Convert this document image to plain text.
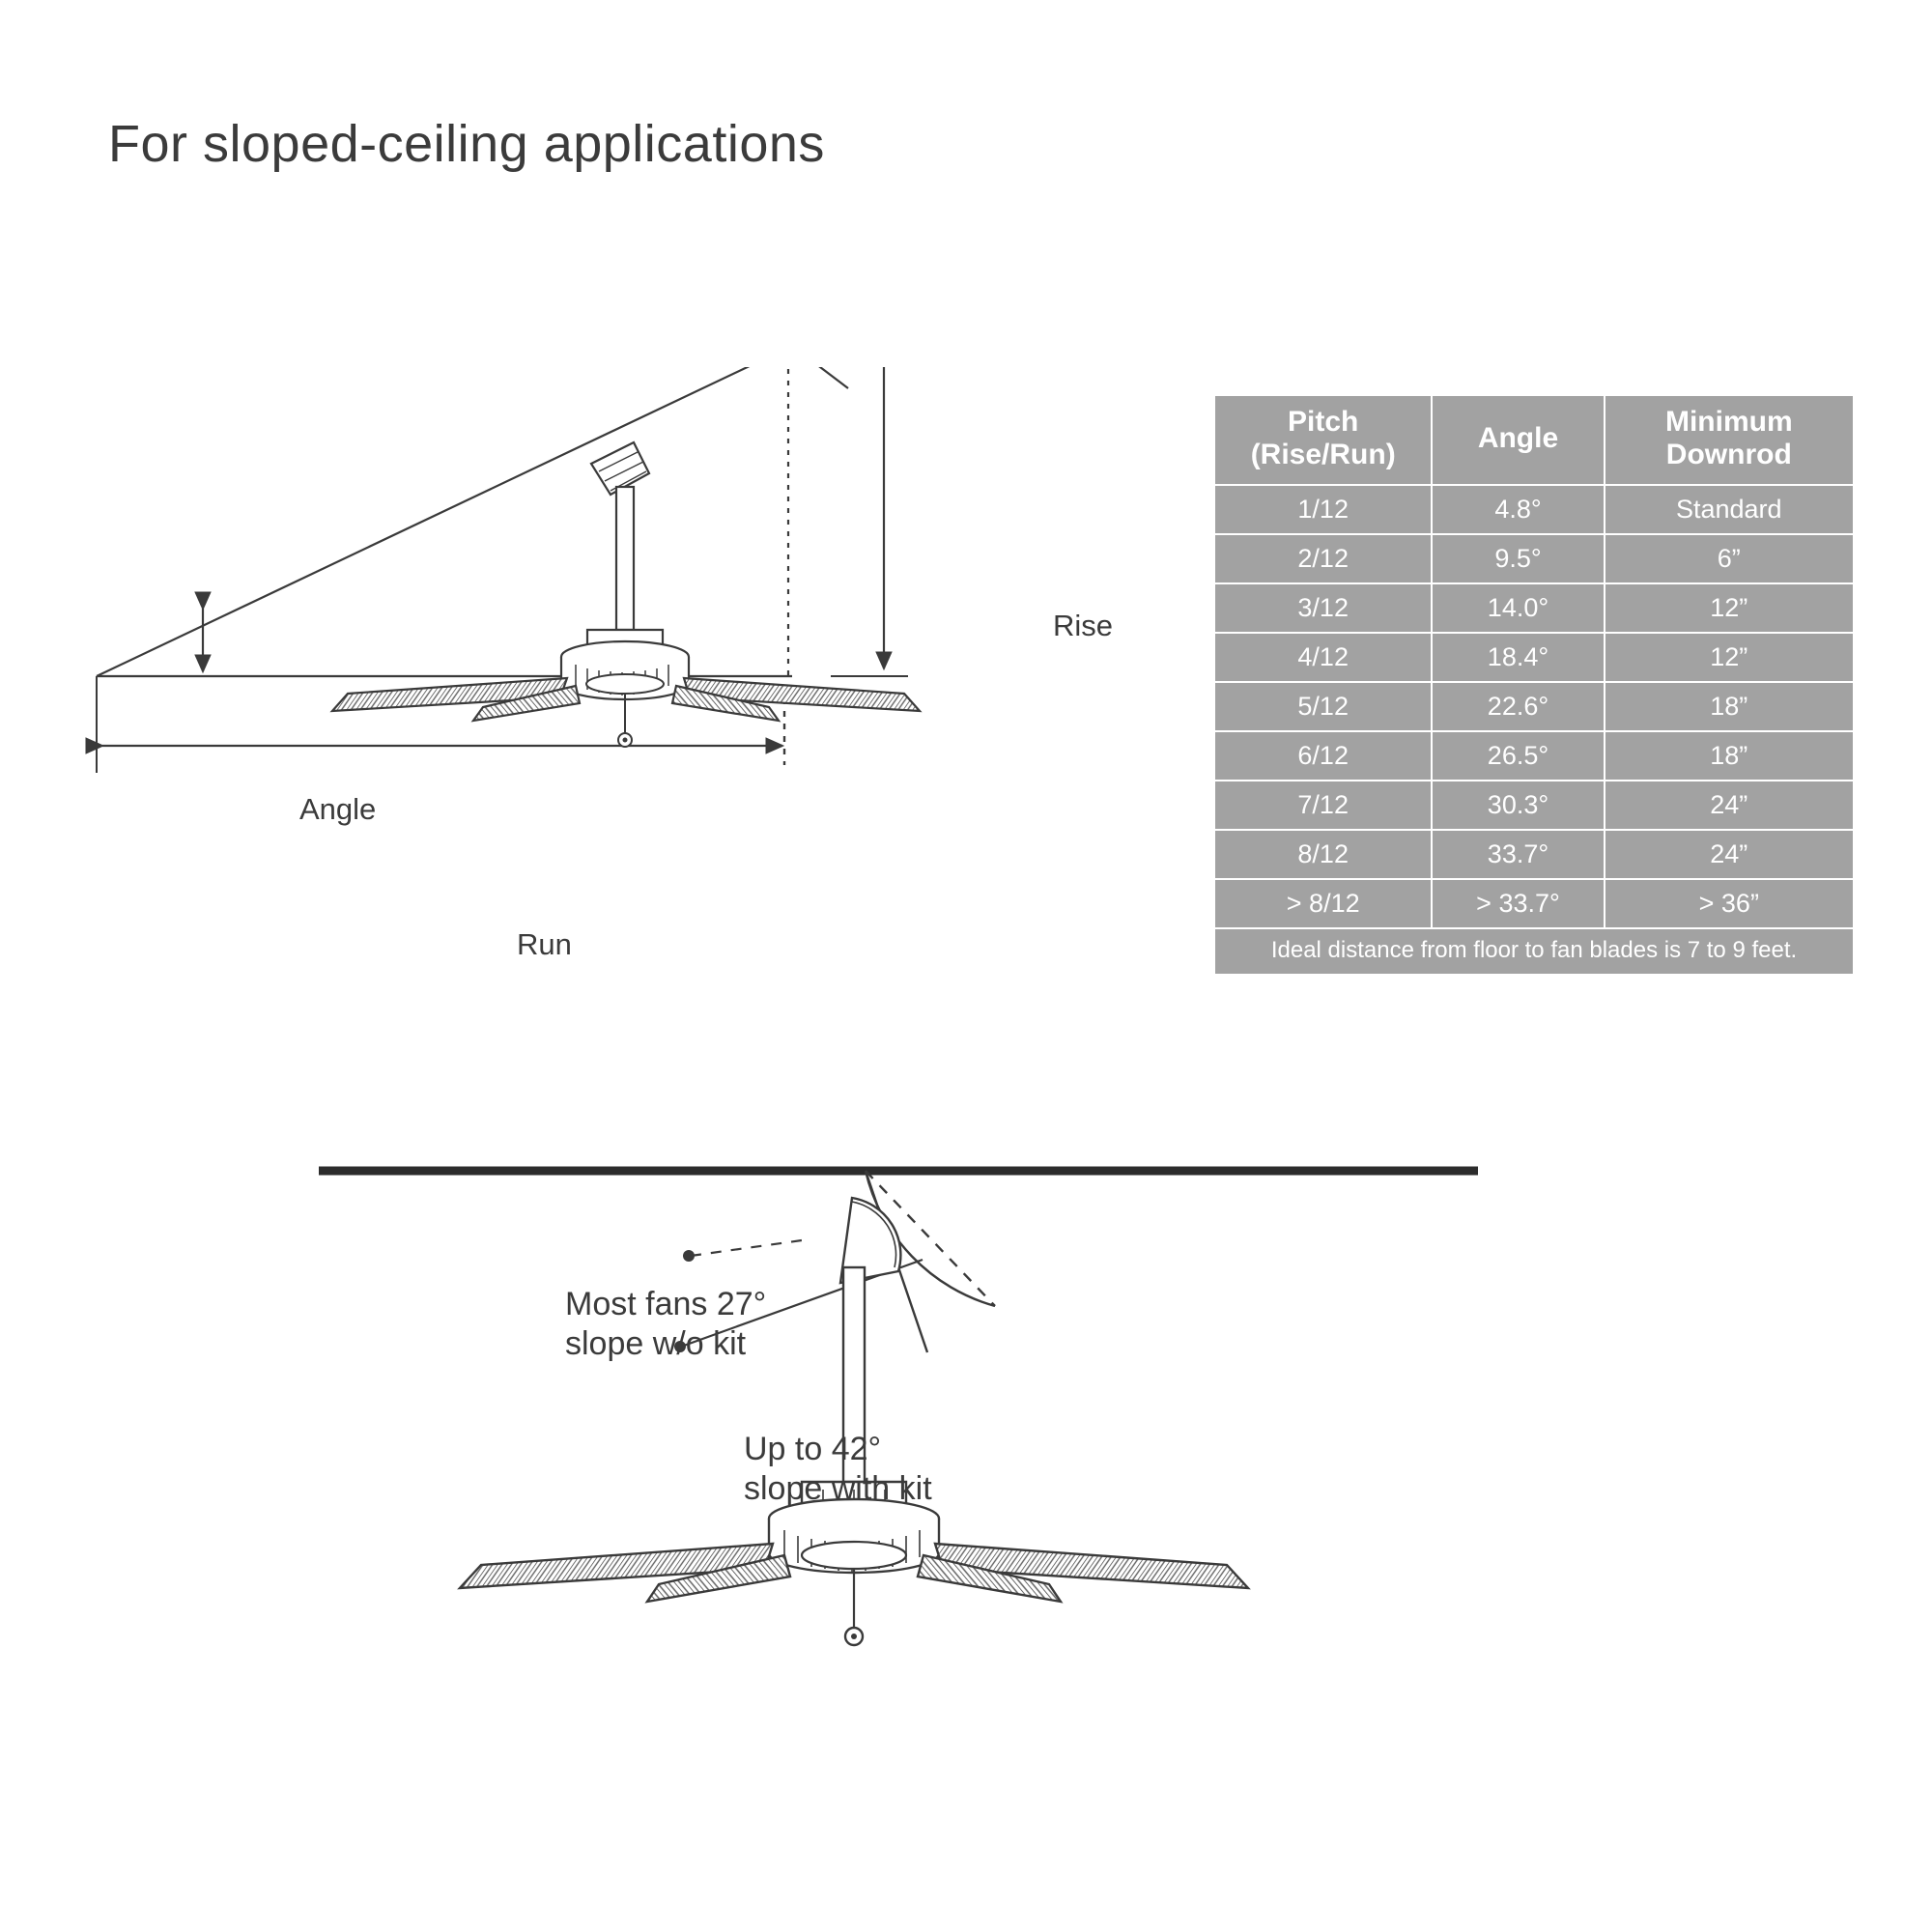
For sloped-ceiling applications
Rise
Run
Angle
Pitch
(Rise/Run)	Angle	Minimum
Downrod

1/12	4.8°	Standard
2/12	9.5°	6”
3/12	14.0°	12”
4/12	18.4°	12”
5/12	22.6°	18”
6/12	26.5°	18”
7/12	30.3°	24”
8/12	33.7°	24”
> 8/12	> 33.7°	> 36”
Ideal distance from floor to fan blades is 7 to 9 feet.		
Most fans 27°
slope w/o kit
Up to 42°
slope with kit
